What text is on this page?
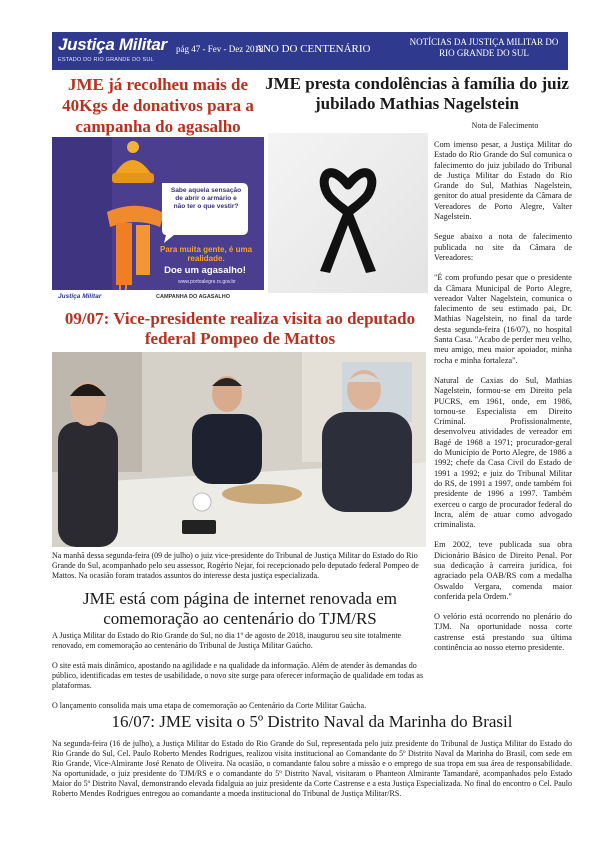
Justiça Militar
ESTADO DO RIO GRANDE DO SUL
pág 47 - Fev - Dez 2018
ANO DO CENTENÁRIO
NOTÍCIAS DA JUSTIÇA MILITAR DO RIO GRANDE DO SUL
JME já recolheu mais de 40Kgs de donativos para a campanha do agasalho
Sabe aquela sensação de abrir o armário e não ter o que vestir?
Para muita gente, é uma realidade.
Doe um agasalho!
www.portoalegre.rs.gov.br
Justiça Militar	CAMPANHA DO AGASALHO
JME presta condolências à família do juiz jubilado Mathias Nagelstein
Nota de Falecimento

Com imenso pesar, a Justiça Militar do Estado do Rio Grande do Sul comunica o falecimento do juiz jubilado do Tribunal de Justiça Militar do Estado do Rio Grande do Sul, Mathias Nagelstein, genitor do atual presidente da Câmara de Vereadores de Porto Alegre, Valter Nagelstein.

Segue abaixo a nota de falecimento publicada no site da Câmara de Vereadores:

"É com profundo pesar que o presidente da Câmara Municipal de Porto Alegre, vereador Valter Nagelstein, comunica o falecimento de seu estimado pai, Dr. Mathias Nagelstein, no final da tarde desta segunda-feira (16/07), no hospital Santa Casa. "Acabo de perder meu velho, meu amigo, meu maior apoiador, minha rocha e minha fortaleza".

Natural de Caxias do Sul, Mathias Nagelstein, formou-se em Direito pela PUCRS, em 1961, onde, em 1986, tornou-se Especialista em Direito Criminal. Profissionalmente, desenvolveu atividades de vereador em Bagé de 1968 a 1971; procurador-geral do Município de Porto Alegre, de 1986 a 1992; chefe da Casa Civil do Estado de 1991 a 1992; e juiz do Tribunal Militar do RS, de 1991 a 1997, onde também foi presidente de 1996 a 1997. Também exerceu o cargo de procurador federal do Incra, além de atuar como advogado criminalista.

Em 2002, teve publicada sua obra Dicionário Básico de Direito Penal. Por sua dedicação à carreira jurídica, foi agraciado pela OAB/RS com a medalha Oswaldo Vergara, comenda maior conferida pela Ordem."

O velório está ocorrendo no plenário do TJM. Na oportunidade nossa corte castrense está prestando sua última continência ao nosso eterno presidente.

09/07: Vice-presidente realiza visita ao deputado federal Pompeo de Mattos
Na manhã dessa segunda-feira (09 de julho) o juiz vice-presidente do Tribunal de Justiça Militar do Estado do Rio Grande do Sul, acompanhado pelo seu assessor, Rogério Nejar, foi recepcionado pelo deputado federal Pompeo de Mattos. Na ocasião foram tratados assuntos do interesse desta justiça especializada.
JME está com página de internet renovada em comemoração ao centenário do TJM/RS

A Justiça Militar do Estado do Rio Grande do Sul, no dia 1º de agosto de 2018, inaugurou seu site totalmente renovado, em comemoração ao centenário do Tribunal de Justiça Militar Gaúcho.

O site está mais dinâmico, apostando na agilidade e na qualidade da informação. Além de atender às demandas do público, identificadas em testes de usabilidade, o novo site surge para oferecer informação de qualidade em todas as plataformas.

O lançamento consolida mais uma etapa de comemoração ao Centenário da Corte Militar Gaúcha.

16/07: JME visita o 5º Distrito Naval da Marinha do Brasil
Na segunda-feira (16 de julho), a Justiça Militar do Estado do Rio Grande do Sul, representada pelo juiz presidente do Tribunal de Justiça Militar do Estado do Rio Grande do Sul, Cel. Paulo Roberto Mendes Rodrigues, realizou visita institucional ao Comandante do 5º Distrito Naval da Marinha do Brasil, com sede em Rio Grande, Vice-Almirante José Renato de Oliveira. Na ocasião, o comandante falou sobre a missão e o emprego de sua tropa em sua área de responsabilidade. Na oportunidade, o juiz presidente do TJM/RS e o comandante do 5º Distrito Naval, visitaram o Phanteon Almirante Tamandaré, acompanhados pelo Estado Maior do 5º Distrito Naval, demonstrando elevada fidalguia ao juiz presidente da Corte Castrense e a esta Justiça Especializada. No final do encontro o Cel. Paulo Roberto Mendes Rodrigues entregou ao comandante a moeda institucional do Tribunal de Justiça Militar/RS.
